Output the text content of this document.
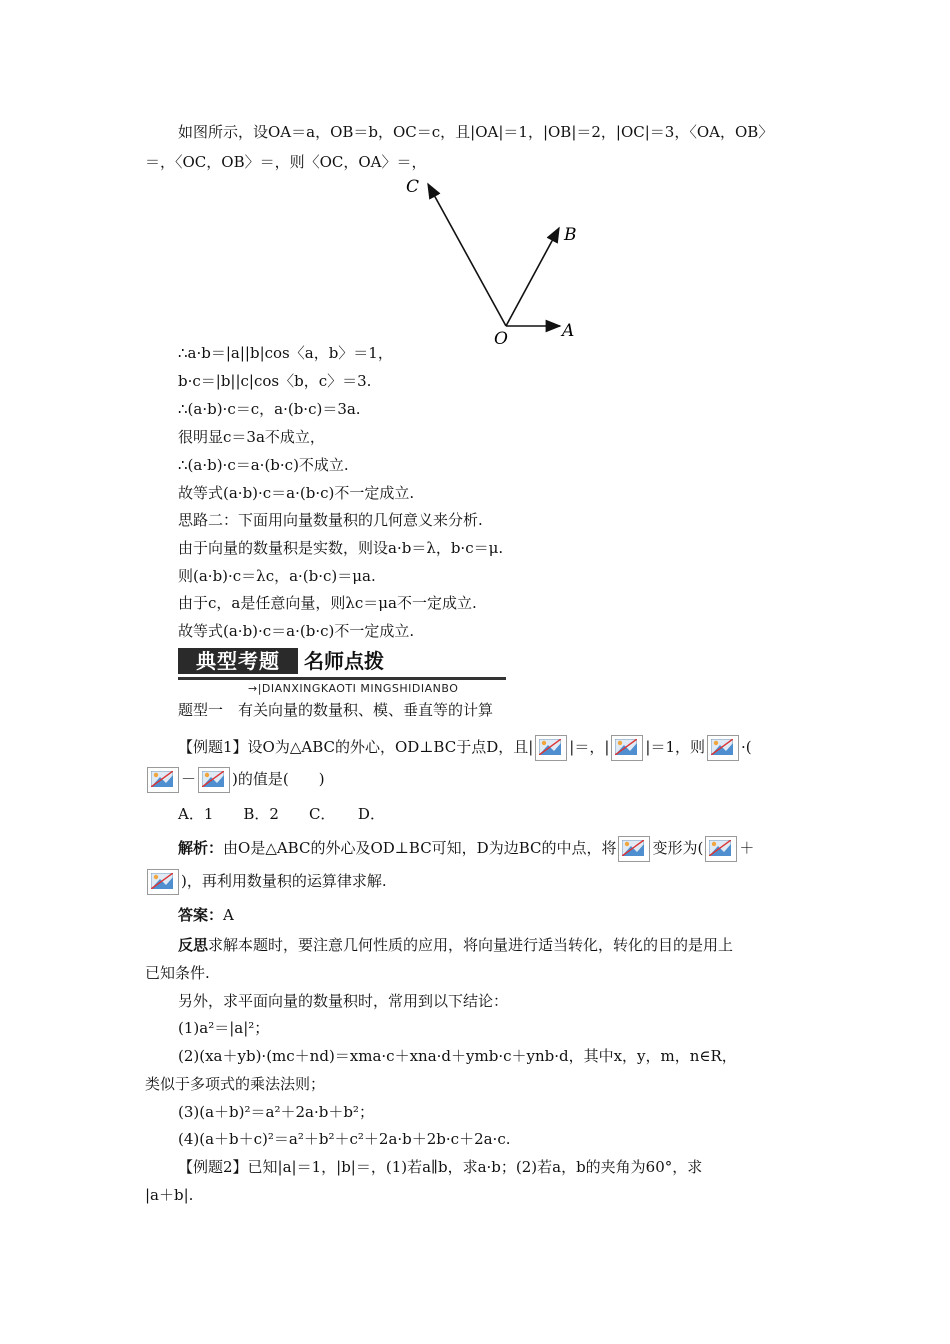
如图所示，设OA＝a，OB＝b，OC＝c，且|OA|＝1，|OB|＝2，|OC|＝3，〈OA，OB〉
＝，〈OC，OB〉＝，则〈OC，OA〉＝，
C
B
O	A
∴a·b＝|a||b|cos〈a，b〉＝1，
b·c＝|b||c|cos〈b，c〉＝3.
∴(a·b)·c＝c，a·(b·c)＝3a.
很明显c＝3a不成立，
∴(a·b)·c＝a·(b·c)不成立.
故等式(a·b)·c＝a·(b·c)不一定成立.
思路二：下面用向量数量积的几何意义来分析.
由于向量的数量积是实数，则设a·b＝λ，b·c＝μ.
则(a·b)·c＝λc，a·(b·c)＝μa.
由于c，a是任意向量，则λc＝μa不一定成立.
故等式(a·b)·c＝a·(b·c)不一定成立.
典型考题	名师点拨
→|DIANXINGKAOTI MINGSHIDIANBO
题型一　有关向量的数量积、模、垂直等的计算
【例题1】设O为△ABC的外心，OD⊥BC于点D，且| |＝，| |＝1，则 ·(
－ )的值是(　　)
A．1　　B．2　　C．　　D．
解析：由O是△ABC的外心及OD⊥BC可知，D为边BC的中点，将 变形为( ＋
)，再利用数量积的运算律求解.
答案：A
反思求解本题时，要注意几何性质的应用，将向量进行适当转化，转化的目的是用上
已知条件.
另外，求平面向量的数量积时，常用到以下结论：
(1)a²＝|a|²；
(2)(xa＋yb)·(mc＋nd)＝xma·c＋xna·d＋ymb·c＋ynb·d，其中x，y，m，n∈R，
类似于多项式的乘法法则；
(3)(a＋b)²＝a²＋2a·b＋b²；
(4)(a＋b＋c)²＝a²＋b²＋c²＋2a·b＋2b·c＋2a·c.
【例题2】已知|a|＝1，|b|＝，(1)若a∥b，求a·b；(2)若a，b的夹角为60°，求
|a＋b|.
